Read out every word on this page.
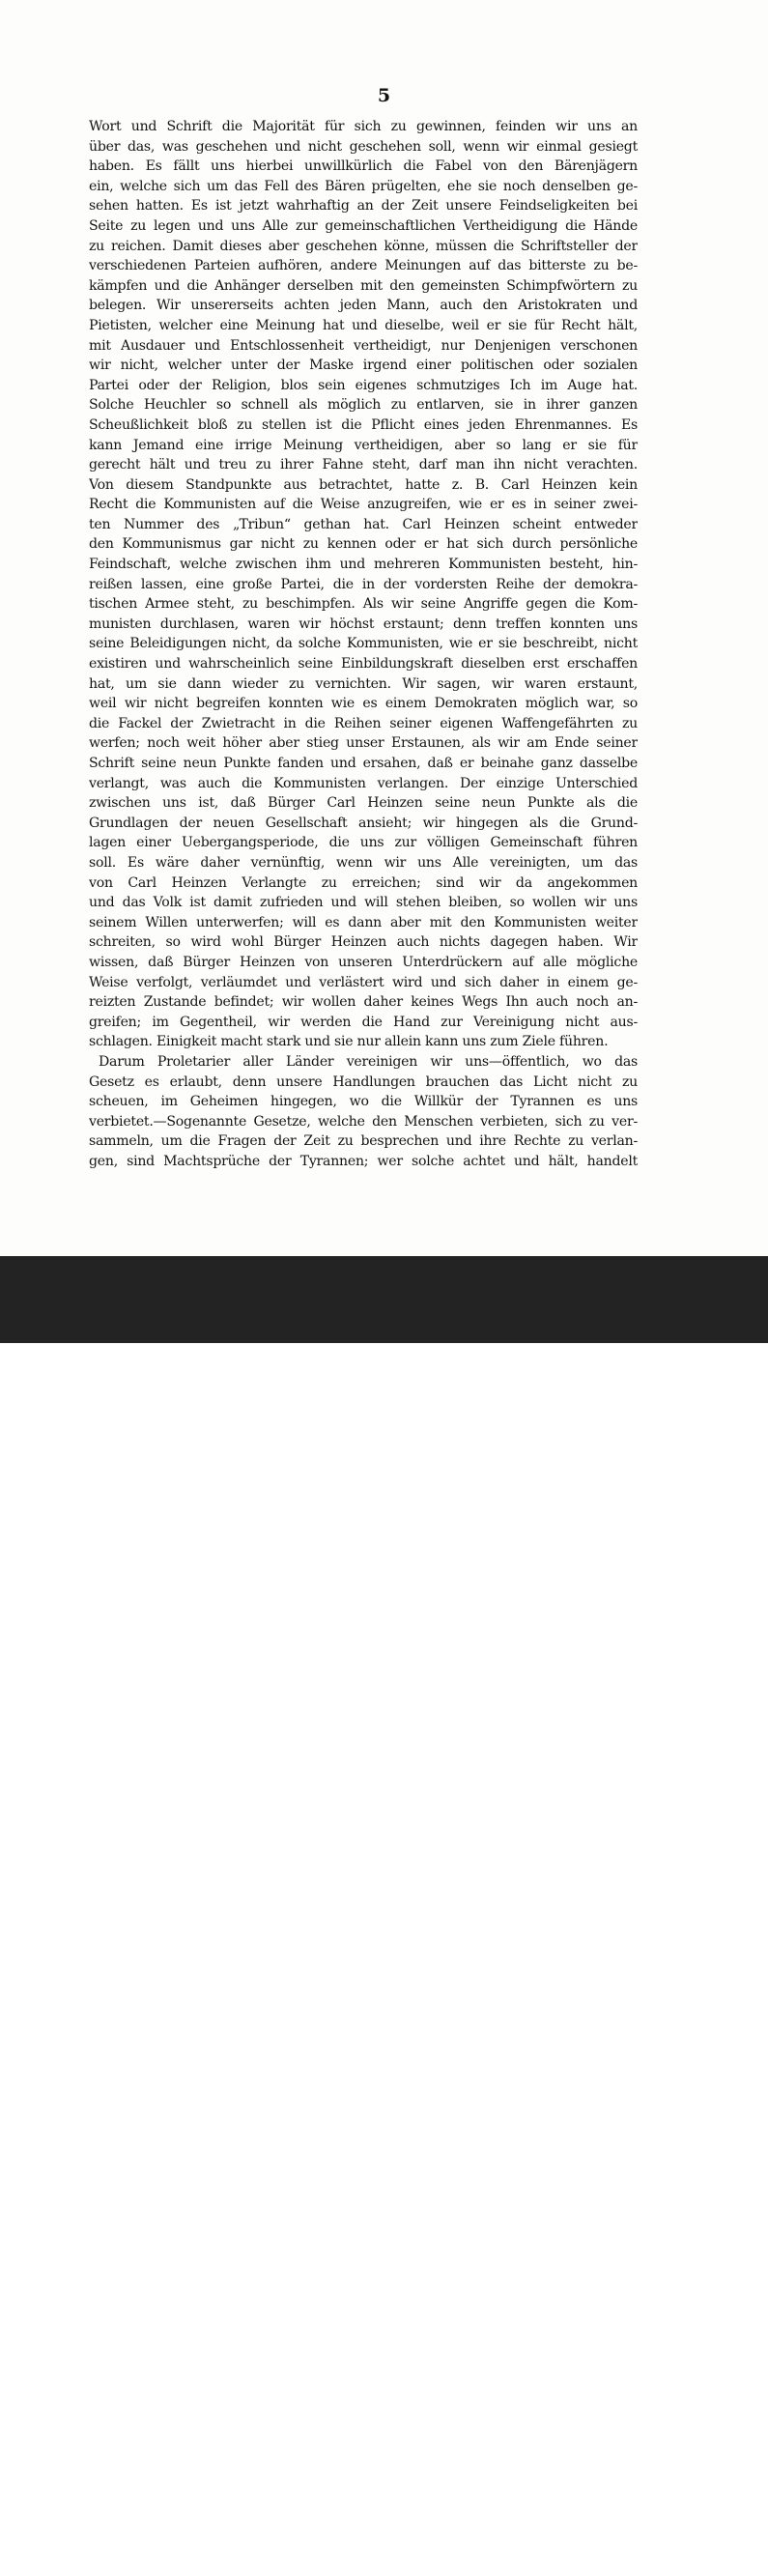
5
Wort und Schrift die Majorität für sich zu gewinnen, feinden wir uns an
über das, was geschehen und nicht geschehen soll, wenn wir einmal gesiegt
haben. Es fällt uns hierbei unwillkürlich die Fabel von den Bärenjägern
ein, welche sich um das Fell des Bären prügelten, ehe sie noch denselben ge-
sehen hatten. Es ist jetzt wahrhaftig an der Zeit unsere Feindseligkeiten bei
Seite zu legen und uns Alle zur gemeinschaftlichen Vertheidigung die Hände
zu reichen. Damit dieses aber geschehen könne, müssen die Schriftsteller der
verschiedenen Parteien aufhören, andere Meinungen auf das bitterste zu be-
kämpfen und die Anhänger derselben mit den gemeinsten Schimpfwörtern zu
belegen. Wir unsererseits achten jeden Mann, auch den Aristokraten und
Pietisten, welcher eine Meinung hat und dieselbe, weil er sie für Recht hält,
mit Ausdauer und Entschlossenheit vertheidigt, nur Denjenigen verschonen
wir nicht, welcher unter der Maske irgend einer politischen oder sozialen
Partei oder der Religion, blos sein eigenes schmutziges Ich im Auge hat.
Solche Heuchler so schnell als möglich zu entlarven, sie in ihrer ganzen
Scheußlichkeit bloß zu stellen ist die Pflicht eines jeden Ehrenmannes. Es
kann Jemand eine irrige Meinung vertheidigen, aber so lang er sie für
gerecht hält und treu zu ihrer Fahne steht, darf man ihn nicht verachten.
Von diesem Standpunkte aus betrachtet, hatte z. B. Carl Heinzen kein
Recht die Kommunisten auf die Weise anzugreifen, wie er es in seiner zwei-
ten Nummer des „Tribun“ gethan hat. Carl Heinzen scheint entweder
den Kommunismus gar nicht zu kennen oder er hat sich durch persönliche
Feindschaft, welche zwischen ihm und mehreren Kommunisten besteht, hin-
reißen lassen, eine große Partei, die in der vordersten Reihe der demokra-
tischen Armee steht, zu beschimpfen. Als wir seine Angriffe gegen die Kom-
munisten durchlasen, waren wir höchst erstaunt; denn treffen konnten uns
seine Beleidigungen nicht, da solche Kommunisten, wie er sie beschreibt, nicht
existiren und wahrscheinlich seine Einbildungskraft dieselben erst erschaffen
hat, um sie dann wieder zu vernichten. Wir sagen, wir waren erstaunt,
weil wir nicht begreifen konnten wie es einem Demokraten möglich war, so
die Fackel der Zwietracht in die Reihen seiner eigenen Waffengefährten zu
werfen; noch weit höher aber stieg unser Erstaunen, als wir am Ende seiner
Schrift seine neun Punkte fanden und ersahen, daß er beinahe ganz dasselbe
verlangt, was auch die Kommunisten verlangen. Der einzige Unterschied
zwischen uns ist, daß Bürger Carl Heinzen seine neun Punkte als die
Grundlagen der neuen Gesellschaft ansieht; wir hingegen als die Grund-
lagen einer Uebergangsperiode, die uns zur völligen Gemeinschaft führen
soll. Es wäre daher vernünftig, wenn wir uns Alle vereinigten, um das
von Carl Heinzen Verlangte zu erreichen; sind wir da angekommen
und das Volk ist damit zufrieden und will stehen bleiben, so wollen wir uns
seinem Willen unterwerfen; will es dann aber mit den Kommunisten weiter
schreiten, so wird wohl Bürger Heinzen auch nichts dagegen haben. Wir
wissen, daß Bürger Heinzen von unseren Unterdrückern auf alle mögliche
Weise verfolgt, verläumdet und verlästert wird und sich daher in einem ge-
reizten Zustande befindet; wir wollen daher keines Wegs Ihn auch noch an-
greifen; im Gegentheil, wir werden die Hand zur Vereinigung nicht aus-
schlagen. Einigkeit macht stark und sie nur allein kann uns zum Ziele führen.
Darum Proletarier aller Länder vereinigen wir uns—öffentlich, wo das
Gesetz es erlaubt, denn unsere Handlungen brauchen das Licht nicht zu
scheuen, im Geheimen hingegen, wo die Willkür der Tyrannen es uns
verbietet.—Sogenannte Gesetze, welche den Menschen verbieten, sich zu ver-
sammeln, um die Fragen der Zeit zu besprechen und ihre Rechte zu verlan-
gen, sind Machtsprüche der Tyrannen; wer solche achtet und hält, handelt
alamy	J432C1
www.alamy.com
